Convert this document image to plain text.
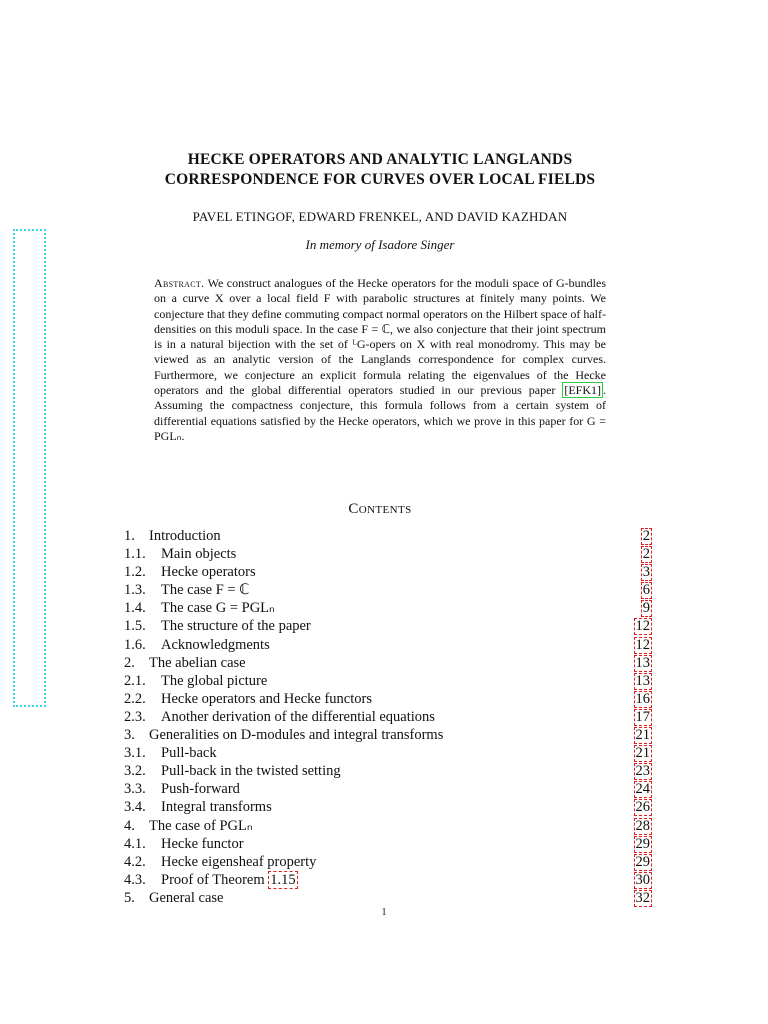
HECKE OPERATORS AND ANALYTIC LANGLANDS
CORRESPONDENCE FOR CURVES OVER LOCAL FIELDS
PAVEL ETINGOF, EDWARD FRENKEL, AND DAVID KAZHDAN
In memory of Isadore Singer
Abstract. We construct analogues of the Hecke operators for the moduli space of G-bundles on a curve X over a local field F with parabolic structures at finitely many points. We conjecture that they define commuting compact normal operators on the Hilbert space of half-densities on this moduli space. In the case F = ℂ, we also conjecture that their joint spectrum is in a natural bijection with the set of ᴸG-opers on X with real monodromy. This may be viewed as an analytic version of the Langlands correspondence for complex curves. Furthermore, we conjecture an explicit formula relating the eigenvalues of the Hecke operators and the global differential operators studied in our previous paper [EFK1] . Assuming the compactness conjecture, this formula follows from a certain system of differential equations satisfied by the Hecke operators, which we prove in this paper for G = PGLₙ.
Contents
1. Introduction	2
1.1. Main objects	2
1.2. Hecke operators	3
1.3. The case F = ℂ	6
1.4. The case G = PGLₙ	9
1.5. The structure of the paper	12
1.6. Acknowledgments	12
2. The abelian case	13
2.1. The global picture	13
2.2. Hecke operators and Hecke functors	16
2.3. Another derivation of the differential equations	17
3. Generalities on D-modules and integral transforms	21
3.1. Pull-back	21
3.2. Pull-back in the twisted setting	23
3.3. Push-forward	24
3.4. Integral transforms	26
4. The case of PGLₙ	28
4.1. Hecke functor	29
4.2. Hecke eigensheaf property	29
4.3. Proof of Theorem 1.15	30
5. General case	32
1
